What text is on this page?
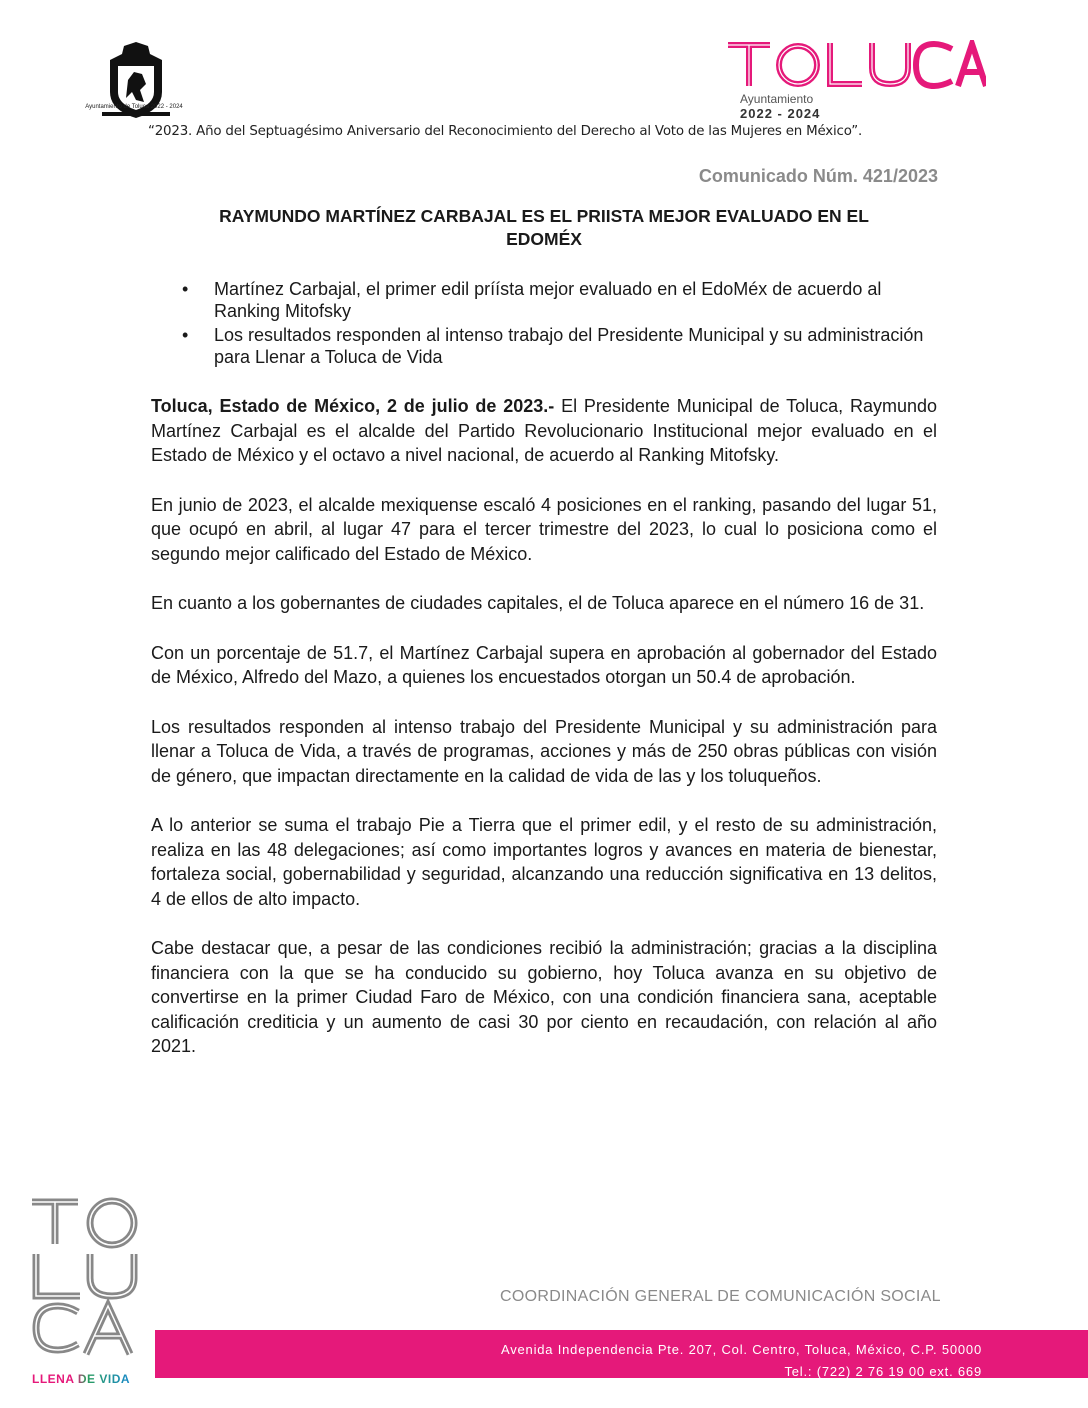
Ayuntamiento de Toluca 2022 - 2024
Ayuntamiento
2022 - 2024
“2023. Año del Septuagésimo Aniversario del Reconocimiento del Derecho al Voto de las Mujeres en México”.
Comunicado Núm. 421/2023
RAYMUNDO MARTÍNEZ CARBAJAL ES EL PRIISTA MEJOR EVALUADO EN EL
EDOMÉX
• Martínez Carbajal, el primer edil príísta mejor evaluado en el EdoMéx de acuerdo al Ranking Mitofsky
• Los resultados responden al intenso trabajo del Presidente Municipal y su administración para Llenar a Toluca de Vida

Toluca, Estado de México, 2 de julio de 2023.- El Presidente Municipal de Toluca, Raymundo Martínez Carbajal es el alcalde del Partido Revolucionario Institucional mejor evaluado en el Estado de México y el octavo a nivel nacional, de acuerdo al Ranking Mitofsky.

En junio de 2023, el alcalde mexiquense escaló 4 posiciones en el ranking, pasando del lugar 51, que ocupó en abril, al lugar 47 para el tercer trimestre del 2023, lo cual lo posiciona como el segundo mejor calificado del Estado de México.

En cuanto a los gobernantes de ciudades capitales, el de Toluca aparece en el número 16 de 31.

Con un porcentaje de 51.7, el Martínez Carbajal supera en aprobación al gobernador del Estado de México, Alfredo del Mazo, a quienes los encuestados otorgan un 50.4 de aprobación.

Los resultados responden al intenso trabajo del Presidente Municipal y su administración para llenar a Toluca de Vida, a través de programas, acciones y más de 250 obras públicas con visión de género, que impactan directamente en la calidad de vida de las y los toluqueños.

A lo anterior se suma el trabajo Pie a Tierra que el primer edil, y el resto de su administración, realiza en las 48 delegaciones; así como importantes logros y avances en materia de bienestar, fortaleza social, gobernabilidad y seguridad, alcanzando una reducción significativa en 13 delitos, 4 de ellos de alto impacto.

Cabe destacar que, a pesar de las condiciones recibió la administración; gracias a la disciplina financiera con la que se ha conducido su gobierno, hoy Toluca avanza en su objetivo de convertirse en la primer Ciudad Faro de México, con una condición financiera sana, aceptable calificación crediticia y un aumento de casi 30 por ciento en recaudación, con relación al año 2021.

LLENA DE VIDA
COORDINACIÓN GENERAL DE COMUNICACIÓN SOCIAL
Avenida Independencia Pte. 207, Col. Centro, Toluca, México, C.P. 50000
Tel.: (722) 2 76 19 00 ext. 669
